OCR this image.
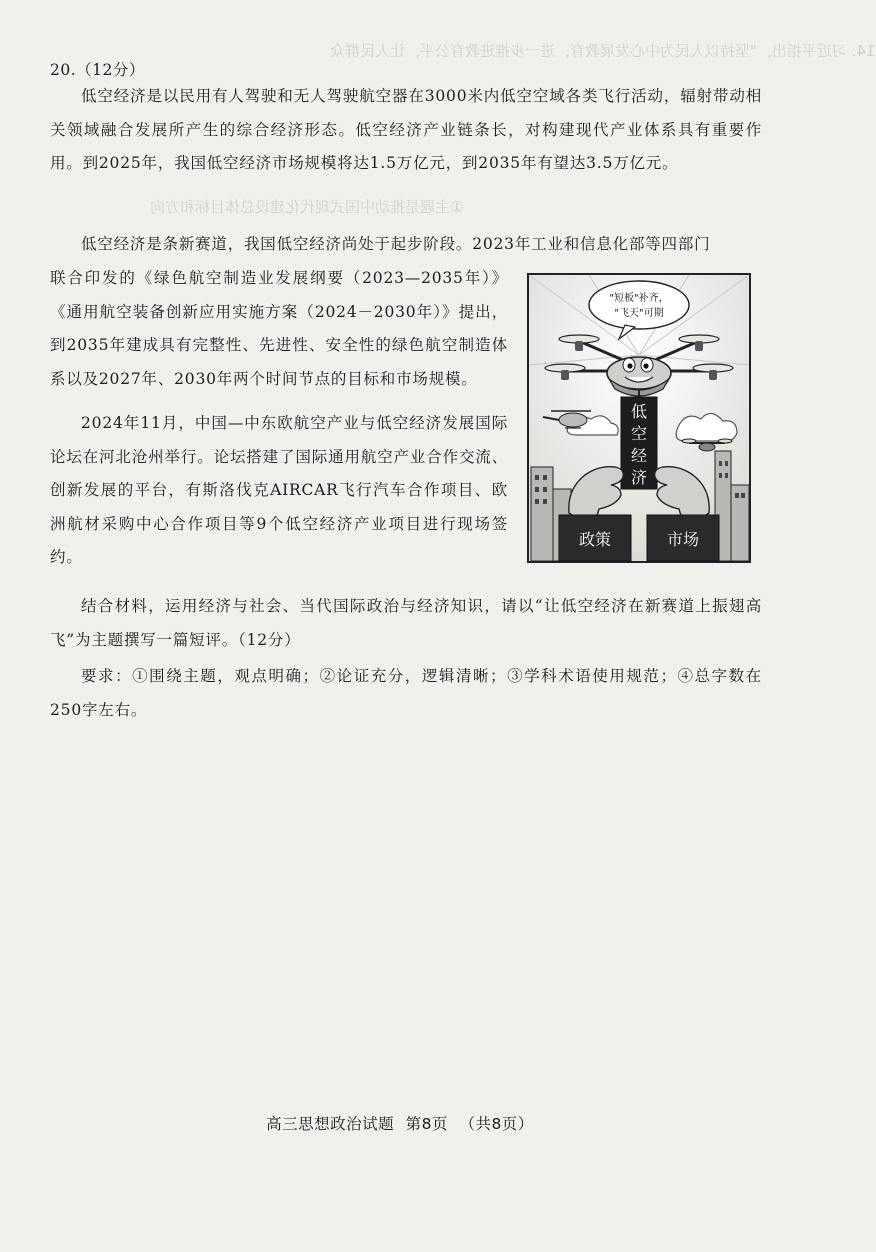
14. 习近平指出，"坚持以人民为中心发展教育，进一步推进教育公平，让人民群众
①主题是推动中国式现代化建设总体目标和方向
20.（12分）

低空经济是以民用有人驾驶和无人驾驶航空器在3000米内低空空域各类飞行活动，辐射带动相关领域融合发展所产生的综合经济形态。低空经济产业链条长，对构建现代产业体系具有重要作用。到2025年，我国低空经济市场规模将达1.5万亿元，到2035年有望达3.5万亿元。

低空经济是条新赛道，我国低空经济尚处于起步阶段。2023年工业和信息化部等四部门

联合印发的《绿色航空制造业发展纲要（2023—2035年）》《通用航空装备创新应用实施方案（2024－2030年）》提出，到2035年建成具有完整性、先进性、安全性的绿色航空制造体系以及2027年、2030年两个时间节点的目标和市场规模。

2024年11月，中国—中东欧航空产业与低空经济发展国际论坛在河北沧州举行。论坛搭建了国际通用航空产业合作交流、创新发展的平台，有斯洛伐克AIRCAR飞行汽车合作项目、欧洲航材采购中心合作项目等9个低空经济产业项目进行现场签约。

结合材料，运用经济与社会、当代国际政治与经济知识，请以“让低空经济在新赛道上振翅高飞”为主题撰写一篇短评。（12分）

要求：①围绕主题，观点明确；②论证充分，逻辑清晰；③学科术语使用规范；④总字数在250字左右。

"短板"补齐，
"飞天"可期
低
空
经
济
政策	市场
高三思想政治试题 第8页 （共8页）
